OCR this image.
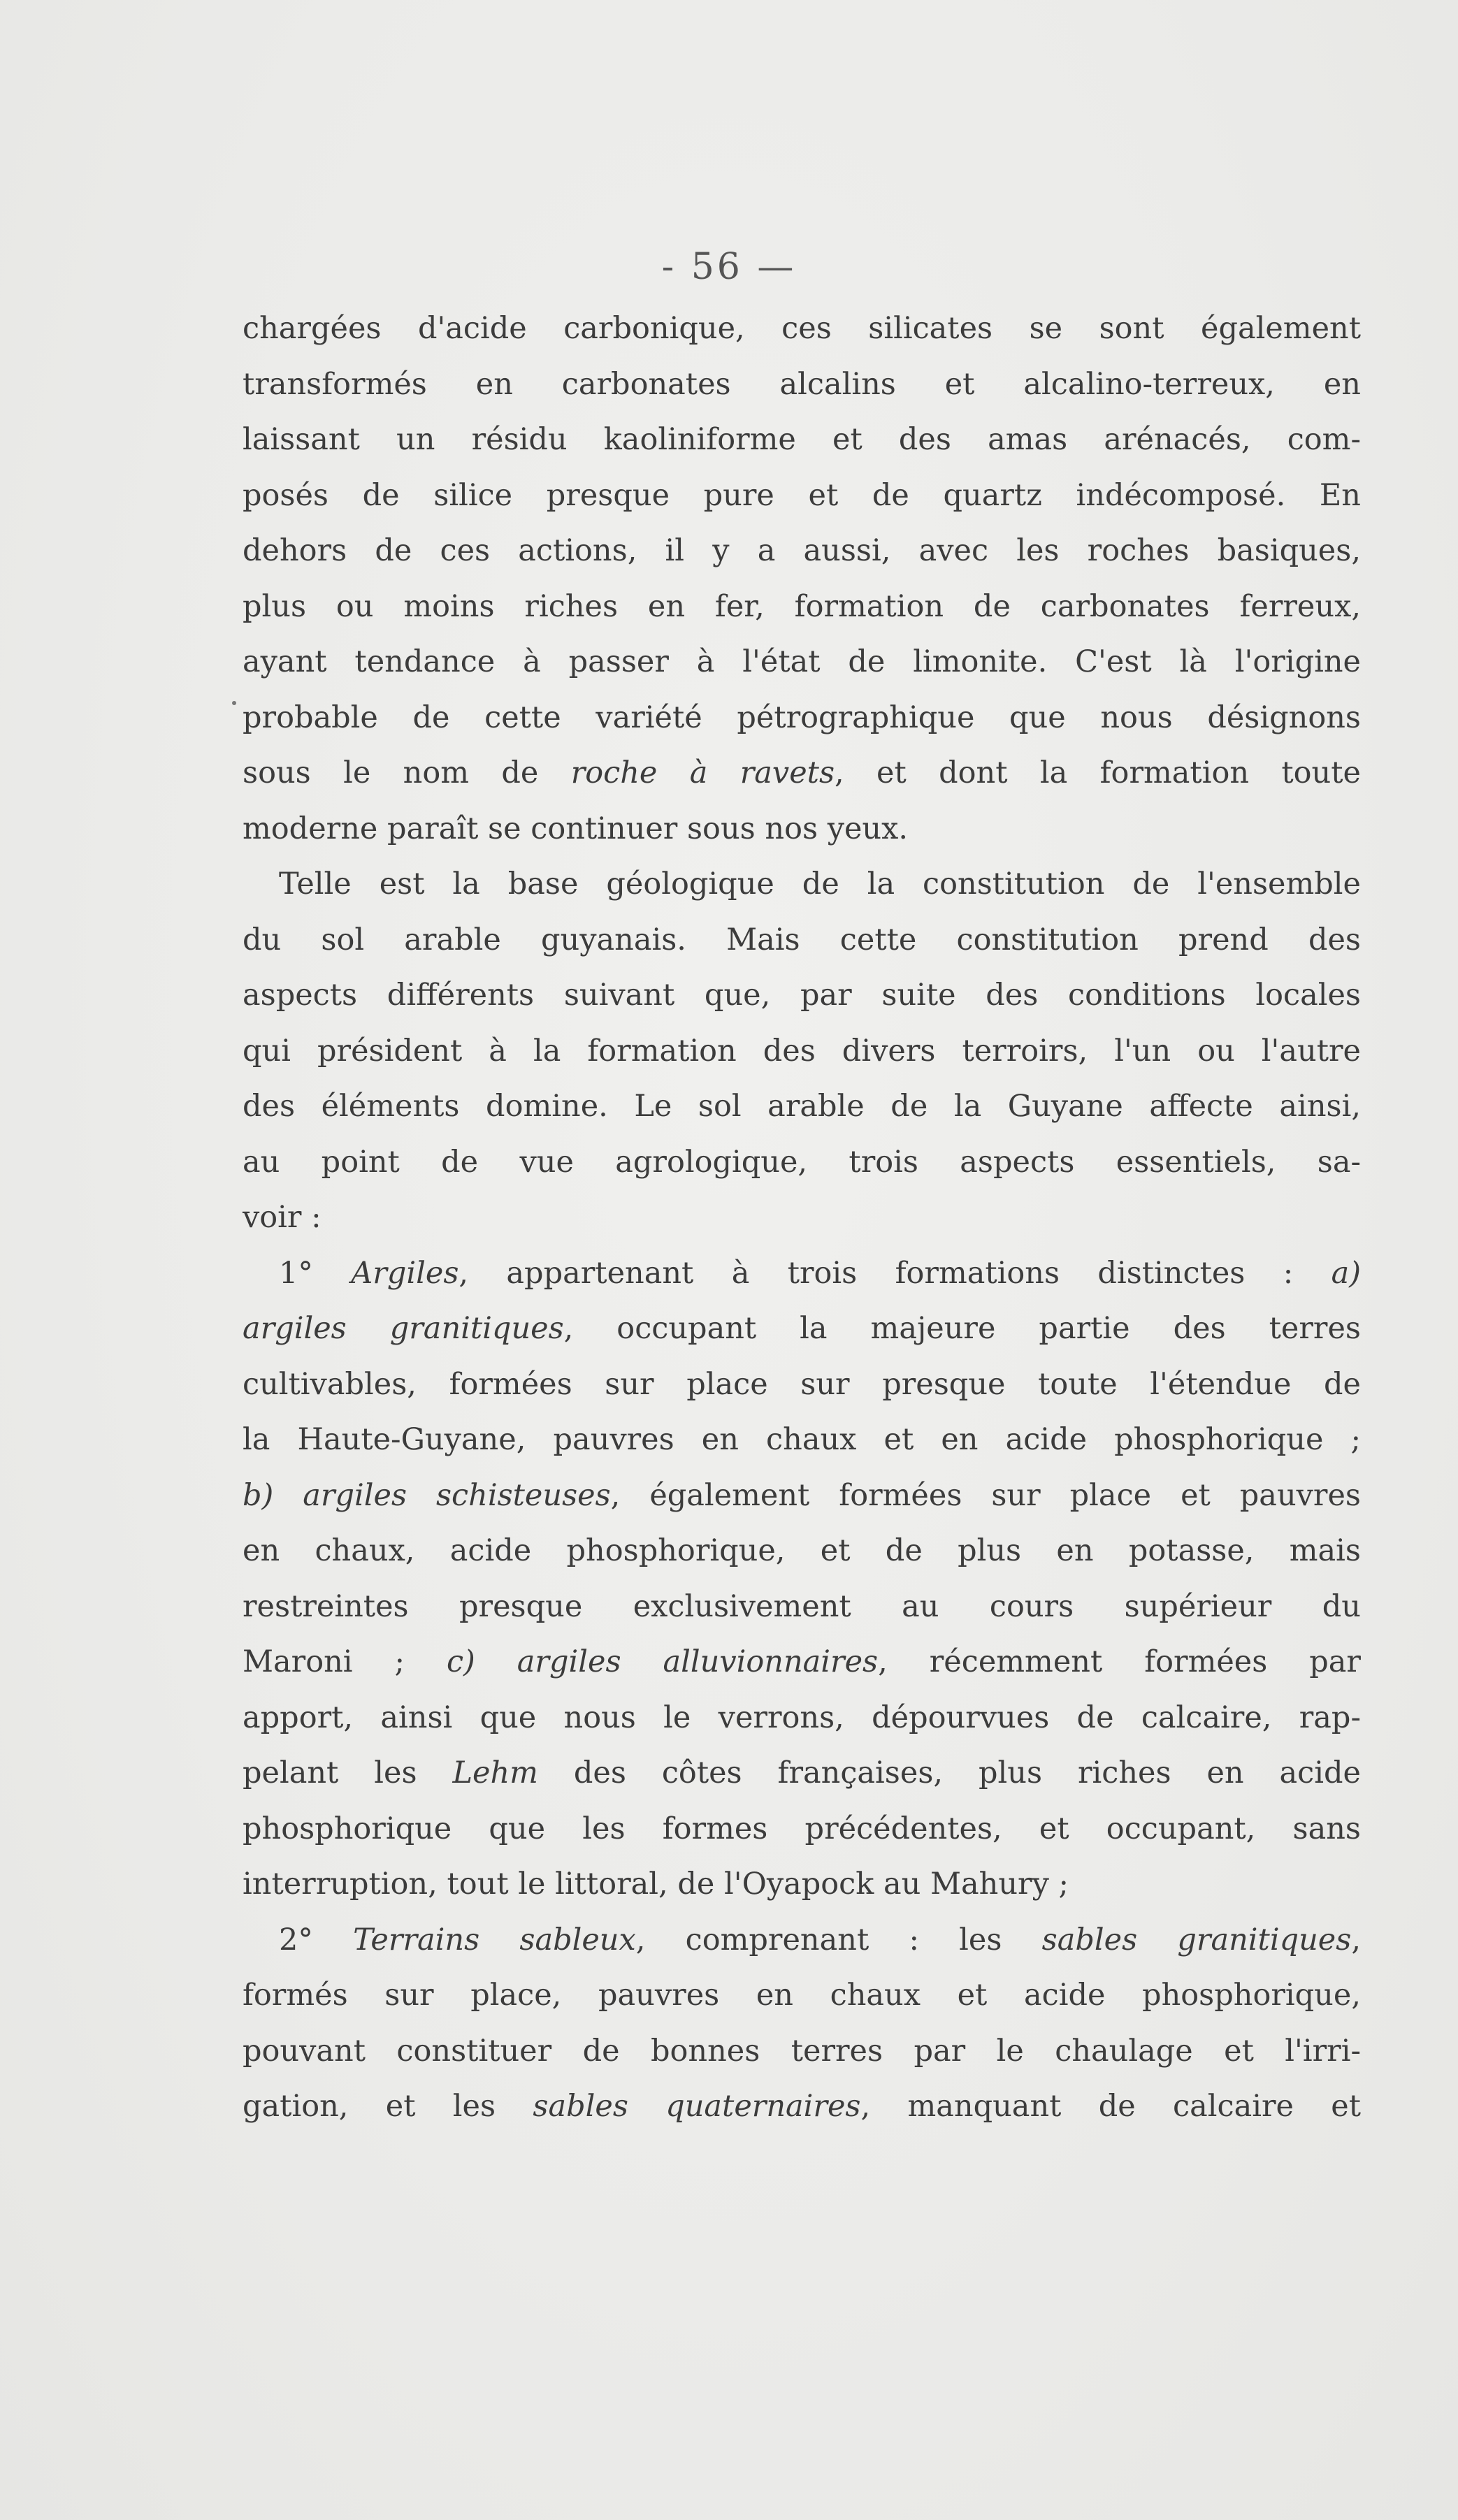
- 56 —

chargées d'acide carbonique, ces silicates se sont également
transformés en carbonates alcalins et alcalino-terreux, en
laissant un résidu kaoliniforme et des amas arénacés, com-
posés de silice presque pure et de quartz indécomposé. En
dehors de ces actions, il y a aussi, avec les roches basiques,
plus ou moins riches en fer, formation de carbonates ferreux,
ayant tendance à passer à l'état de limonite. C'est là l'origine
probable de cette variété pétrographique que nous désignons
sous le nom de roche à ravets, et dont la formation toute
moderne paraît se continuer sous nos yeux.

Telle est la base géologique de la constitution de l'ensemble
du sol arable guyanais. Mais cette constitution prend des
aspects différents suivant que, par suite des conditions locales
qui président à la formation des divers terroirs, l'un ou l'autre
des éléments domine. Le sol arable de la Guyane affecte ainsi,
au point de vue agrologique, trois aspects essentiels, sa-
voir :

1° Argiles, appartenant à trois formations distinctes : a)
argiles granitiques, occupant la majeure partie des terres
cultivables, formées sur place sur presque toute l'étendue de
la Haute-Guyane, pauvres en chaux et en acide phosphorique ;
b) argiles schisteuses, également formées sur place et pauvres
en chaux, acide phosphorique, et de plus en potasse, mais
restreintes presque exclusivement au cours supérieur du
Maroni ; c) argiles alluvionnaires, récemment formées par
apport, ainsi que nous le verrons, dépourvues de calcaire, rap-
pelant les Lehm des côtes françaises, plus riches en acide
phosphorique que les formes précédentes, et occupant, sans
interruption, tout le littoral, de l'Oyapock au Mahury ;

2° Terrains sableux, comprenant : les sables granitiques,
formés sur place, pauvres en chaux et acide phosphorique,
pouvant constituer de bonnes terres par le chaulage et l'irri-
gation, et les sables quaternaires, manquant de calcaire et
